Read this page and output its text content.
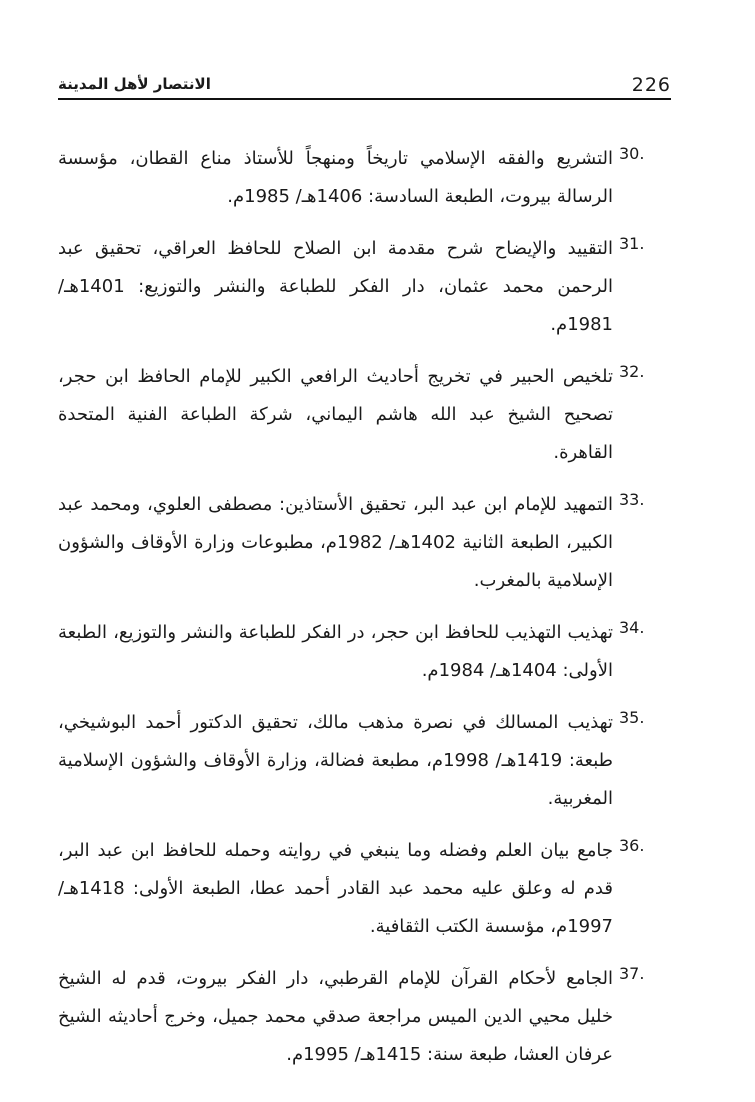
الانتصار لأهل المدينة	226
30.
التشريع والفقه الإسلامي تاريخاً ومنهجاً للأستاذ مناع القطان، مؤسسة الرسالة بيروت، الطبعة السادسة: 1406هـ/ 1985م.
31.
التقييد والإيضاح شرح مقدمة ابن الصلاح للحافظ العراقي، تحقيق عبد الرحمن محمد عثمان، دار الفكر للطباعة والنشر والتوزيع: 1401هـ/ 1981م.
32.
تلخيص الحبير في تخريج أحاديث الرافعي الكبير للإمام الحافظ ابن حجر، تصحيح الشيخ عبد الله هاشم اليماني، شركة الطباعة الفنية المتحدة القاهرة.
33.
التمهيد للإمام ابن عبد البر، تحقيق الأستاذين: مصطفى العلوي، ومحمد عبد الكبير، الطبعة الثانية 1402هـ/ 1982م، مطبوعات وزارة الأوقاف والشؤون الإسلامية بالمغرب.
34.
تهذيب التهذيب للحافظ ابن حجر، در الفكر للطباعة والنشر والتوزيع، الطبعة الأولى: 1404هـ/ 1984م.
35.
تهذيب المسالك في نصرة مذهب مالك، تحقيق الدكتور أحمد البوشيخي، طبعة: 1419هـ/ 1998م، مطبعة فضالة، وزارة الأوقاف والشؤون الإسلامية المغربية.
36.
جامع بيان العلم وفضله وما ينبغي في روايته وحمله للحافظ ابن عبد البر، قدم له وعلق عليه محمد عبد القادر أحمد عطا، الطبعة الأولى: 1418هـ/ 1997م، مؤسسة الكتب الثقافية.
37.
الجامع لأحكام القرآن للإمام القرطبي، دار الفكر بيروت، قدم له الشيخ خليل محيي الدين الميس مراجعة صدقي محمد جميل، وخرج أحاديثه الشيخ عرفان العشا، طبعة سنة: 1415هـ/ 1995م.
